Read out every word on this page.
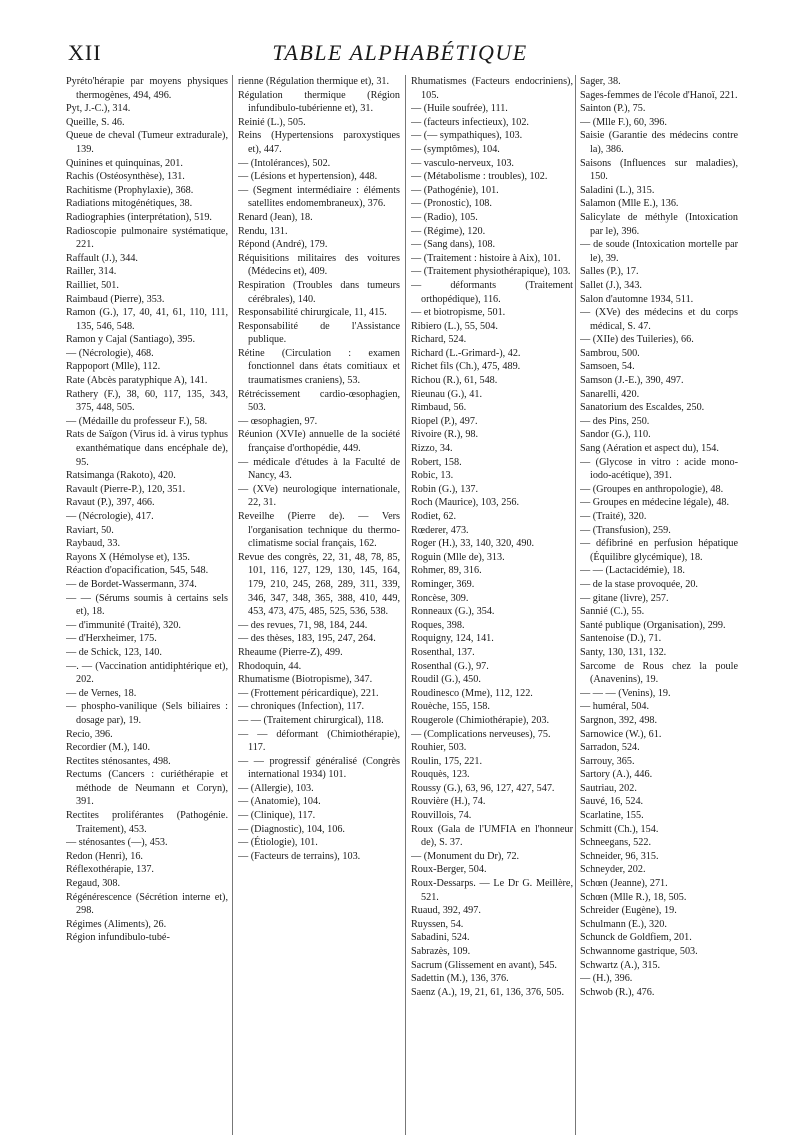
XII	TABLE ALPHABÉTIQUE

Pyréto'hérapie par moyens physiques thermogènes, 494, 496.

Pyt, J.-C.), 314.

Queille, S. 46.

Queue de cheval (Tumeur extradurale), 139.

Quinines et quinquinas, 201.

Rachis (Ostéosynthèse), 131.

Rachitisme (Prophylaxie), 368.

Radiations mitogénétiques, 38.

Radiographies (interprétation), 519.

Radioscopie pulmonaire systématique, 221.

Raffault (J.), 344.

Railler, 314.

Railliet, 501.

Raimbaud (Pierre), 353.

Ramon (G.), 17, 40, 41, 61, 110, 111, 135, 546, 548.

Ramon y Cajal (Santiago), 395.

— (Nécrologie), 468.

Rappoport (Mlle), 112.

Rate (Abcès paratyphique A), 141.

Rathery (F.), 38, 60, 117, 135, 343, 375, 448, 505.

— (Médaille du professeur F.), 58.

Rats de Saïgon (Virus id. à virus typhus exanthématique dans encéphale de), 95.

Ratsimanga (Rakoto), 420.

Ravault (Pierre-P.), 120, 351.

Ravaut (P.), 397, 466.

— (Nécrologie), 417.

Raviart, 50.

Raybaud, 33.

Rayons X (Hémolyse et), 135.

Réaction d'opacification, 545, 548.

— de Bordet-Wassermann, 374.

— — (Sérums soumis à certains sels et), 18.

— d'immunité (Traité), 320.

— d'Herxheimer, 175.

— de Schick, 123, 140.

—. — (Vaccination antidiphtérique et), 202.

— de Vernes, 18.

— phospho-vanilique (Sels biliaires : dosage par), 19.

Recio, 396.

Recordier (M.), 140.

Rectites sténosantes, 498.

Rectums (Cancers : curiéthérapie et méthode de Neumann et Coryn), 391.

Rectites proliférantes (Pathogénie. Traitement), 453.

— sténosantes (—), 453.

Redon (Henri), 16.

Réflexothérapie, 137.

Regaud, 308.

Régénérescence (Sécrétion interne et), 298.

Régimes (Aliments), 26.

Région infundibulo-tubé-

rienne (Régulation thermique et), 31.

Régulation thermique (Région infundibulo-tubérienne et), 31.

Reinié (L.), 505.

Reins (Hypertensions paroxystiques et), 447.

— (Intolérances), 502.

— (Lésions et hypertension), 448.

— (Segment intermédiaire : éléments satellites endomembraneux), 376.

Renard (Jean), 18.

Rendu, 131.

Répond (André), 179.

Réquisitions militaires des voitures (Médecins et), 409.

Respiration (Troubles dans tumeurs cérébrales), 140.

Responsabilité chirurgicale, 11, 415.

Responsabilité de l'Assistance publique.

Rétine (Circulation : examen fonctionnel dans états comitiaux et traumatismes craniens), 53.

Rétrécissement cardio-œsophagien, 503.

— œsophagien, 97.

Réunion (XVIe) annuelle de la société française d'orthopédie, 449.

— médicale d'études à la Faculté de Nancy, 43.

— (XVe) neurologique internationale, 22, 31.

Reveilhe (Pierre de). — Vers l'organisation technique du thermo-climatisme social français, 162.

Revue des congrès, 22, 31, 48, 78, 85, 101, 116, 127, 129, 130, 145, 164, 179, 210, 245, 268, 289, 311, 339, 346, 347, 348, 365, 388, 410, 449, 453, 473, 475, 485, 525, 536, 538.

— des revues, 71, 98, 184, 244.

— des thèses, 183, 195, 247, 264.

Rheaume (Pierre-Z), 499.

Rhodoquin, 44.

Rhumatisme (Biotropisme), 347.

— (Frottement péricardique), 221.

— chroniques (Infection), 117.

— — (Traitement chirurgical), 118.

— — déformant (Chimiothérapie), 117.

— — progressif généralisé (Congrès international 1934) 101.

— (Allergie), 103.

— (Anatomie), 104.

— (Clinique), 117.

— (Diagnostic), 104, 106.

— (Étiologie), 101.

— (Facteurs de terrains), 103.

Rhumatismes (Facteurs endocriniens), 105.

— (Huile soufrée), 111.

— (facteurs infectieux), 102.

— (— sympathiques), 103.

— (symptômes), 104.

— vasculo-nerveux, 103.

— (Métabolisme : troubles), 102.

— (Pathogénie), 101.

— (Pronostic), 108.

— (Radio), 105.

— (Régime), 120.

— (Sang dans), 108.

— (Traitement : histoire à Aix), 101.

— (Traitement physiothérapique), 103.

— déformants (Traitement orthopédique), 116.

— et biotropisme, 501.

Ribiero (L.), 55, 504.

Richard, 524.

Richard (L.-Grimard-), 42.

Richet fils (Ch.), 475, 489.

Richou (R.), 61, 548.

Rieunau (G.), 41.

Rimbaud, 56.

Riopel (P.), 497.

Rivoire (R.), 98.

Rizzo, 34.

Robert, 158.

Robic, 13.

Robin (G.), 137.

Roch (Maurice), 103, 256.

Rodiet, 62.

Rœderer, 473.

Roger (H.), 33, 140, 320, 490.

Roguin (Mlle de), 313.

Rohmer, 89, 316.

Rominger, 369.

Roncèse, 309.

Ronneaux (G.), 354.

Roques, 398.

Roquigny, 124, 141.

Rosenthal, 137.

Rosenthal (G.), 97.

Roudil (G.), 450.

Roudinesco (Mme), 112, 122.

Rouèche, 155, 158.

Rougerole (Chimiothérapie), 203.

— (Complications nerveuses), 75.

Rouhier, 503.

Roulin, 175, 221.

Rouquès, 123.

Roussy (G.), 63, 96, 127, 427, 547.

Rouvière (H.), 74.

Rouvillois, 74.

Roux (Gala de l'UMFIA en l'honneur de), S. 37.

— (Monument du Dr), 72.

Roux-Berger, 504.

Roux-Dessarps. — Le Dr G. Meillère, 521.

Ruaud, 392, 497.

Ruyssen, 54.

Sabadini, 524.

Sabrazès, 109.

Sacrum (Glissement en avant), 545.

Sadettin (M.), 136, 376.

Saenz (A.), 19, 21, 61, 136, 376, 505.

Sager, 38.

Sages-femmes de l'école d'Hanoï, 221.

Sainton (P.), 75.

— (Mlle F.), 60, 396.

Saisie (Garantie des médecins contre la), 386.

Saisons (Influences sur maladies), 150.

Saladini (L.), 315.

Salamon (Mlle E.), 136.

Salicylate de méthyle (Intoxication par le), 396.

— de soude (Intoxication mortelle par le), 39.

Salles (P.), 17.

Sallet (J.), 343.

Salon d'automne 1934, 511.

— (XVe) des médecins et du corps médical, S. 47.

— (XIIe) des Tuileries), 66.

Sambrou, 500.

Samsoen, 54.

Samson (J.-E.), 390, 497.

Sanarelli, 420.

Sanatorium des Escaldes, 250.

— des Pins, 250.

Sandor (G.), 110.

Sang (Aération et aspect du), 154.

— (Glycose in vitro : acide mono-iodo-acétique), 391.

— (Groupes en anthropologie), 48.

— Groupes en médecine légale), 48.

— (Traité), 320.

— (Transfusion), 259.

— défibriné en perfusion hépatique (Équilibre glycémique), 18.

— — (Lactacidémie), 18.

— de la stase provoquée, 20.

— gitane (livre), 257.

Sannié (C.), 55.

Santé publique (Organisation), 299.

Santenoise (D.), 71.

Santy, 130, 131, 132.

Sarcome de Rous chez la poule (Anavenins), 19.

— — — (Venins), 19.

— huméral, 504.

Sargnon, 392, 498.

Sarnowice (W.), 61.

Sarradon, 524.

Sarrouy, 365.

Sartory (A.), 446.

Sautriau, 202.

Sauvé, 16, 524.

Scarlatine, 155.

Schmitt (Ch.), 154.

Schneegans, 522.

Schneider, 96, 315.

Schneyder, 202.

Schœn (Jeanne), 271.

Schœn (Mlle R.), 18, 505.

Schreider (Eugène), 19.

Schulmann (E.), 320.

Schunck de Goldfiem, 201.

Schwannome gastrique, 503.

Schwartz (A.), 315.

— (H.), 396.

Schwob (R.), 476.
